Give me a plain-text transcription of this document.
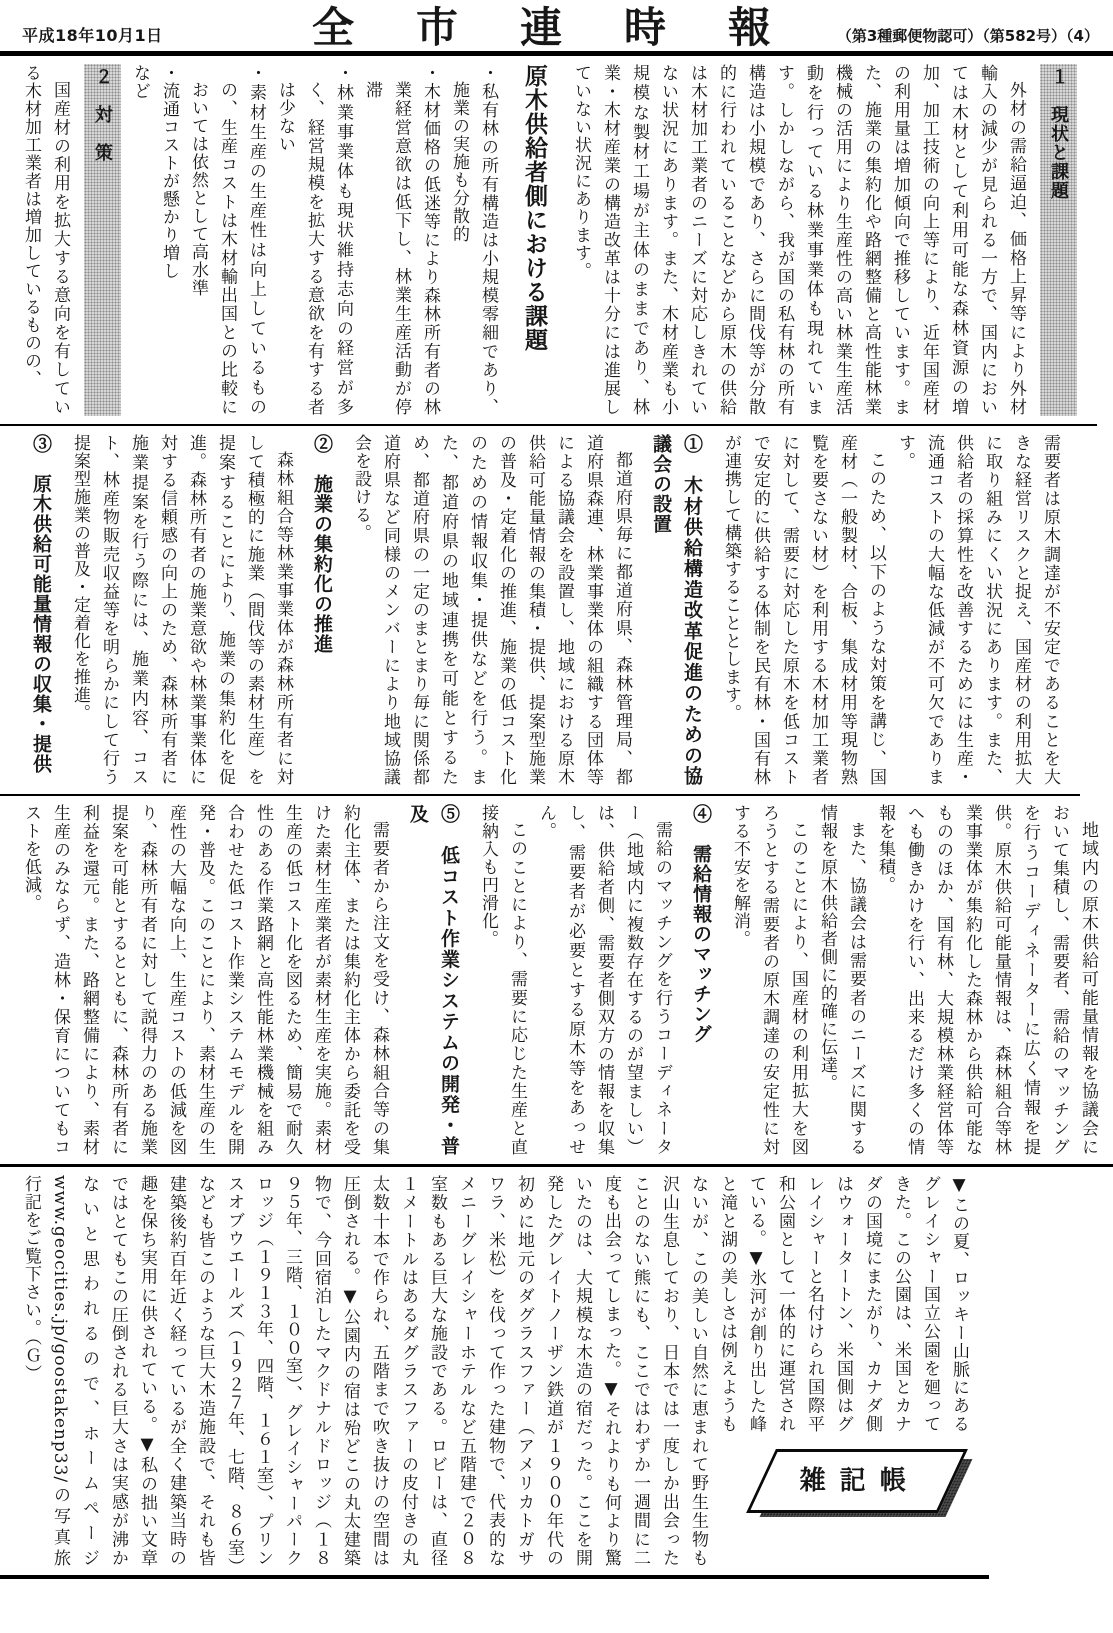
平成18年10月1日	全市連時報 （第3種郵便物認可）（第582号）（4）

１　現状と課題

外材の需給逼迫、価格上昇等により外材輸入の減少が見られる一方で、国内においては木材として利用可能な森林資源の増加、加工技術の向上等により、近年国産材の利用量は増加傾向で推移しています。また、施業の集約化や路網整備と高性能林業機械の活用により生産性の高い林業生産活動を行っている林業事業体も現れています。しかしながら、我が国の私有林の所有構造は小規模であり、さらに間伐等が分散的に行われていることなどから原木の供給は木材加工業者のニーズに対応しきれていない状況にあります。また、木材産業も小規模な製材工場が主体のままであり、林業・木材産業の構造改革は十分には進展していない状況にあります。

原木供給者側における課題

・私有林の所有構造は小規模零細であり、施業の実施も分散的

・木材価格の低迷等により森林所有者の林業経営意欲は低下し、林業生産活動が停滞

・林業事業体も現状維持志向の経営が多く、経営規模を拡大する意欲を有する者は少ない

・素材生産の生産性は向上しているものの、生産コストは木材輸出国との比較においては依然として高水準

・流通コストが懸かり増し

など

２　対　策

国産材の利用を拡大する意向を有している木材加工業者は増加しているものの、

需要者は原木調達が不安定であることを大きな経営リスクと捉え、国産材の利用拡大に取り組みにくい状況にあります。また、供給者の採算性を改善するためには生産・流通コストの大幅な低減が不可欠であります。

このため、以下のような対策を講じ、国産材（一般製材、合板、集成材用等現物熟覧を要さない材）を利用する木材加工業者に対して、需要に対応した原木を低コストで安定的に供給する体制を民有林・国有林が連携して構築することとします。

①　木材供給構造改革促進のための協議会の設置

都道府県毎に都道府県、森林管理局、都道府県森連、林業事業体の組織する団体等による協議会を設置し、地域における原木供給可能量情報の集積・提供、提案型施業の普及・定着化の推進、施業の低コスト化のための情報収集・提供などを行う。また、都道府県の地域連携を可能とするため、都道府県の一定のまとまり毎に関係都道府県など同様のメンバーにより地域協議会を設ける。

②　施業の集約化の推進

森林組合等林業事業体が森林所有者に対して積極的に施業（間伐等の素材生産）を提案することにより、施業の集約化を促進。森林所有者の施業意欲や林業事業体に対する信頼感の向上のため、森林所有者に施業提案を行う際には、施業内容、コスト、林産物販売収益等を明らかにして行う提案型施業の普及・定着化を推進。

③　原木供給可能量情報の収集・提供

地域内の原木供給可能量情報を協議会において集積し、需要者、需給のマッチングを行うコーディネーターに広く情報を提供。原木供給可能量情報は、森林組合等林業事業体が集約化した森林から供給可能なもののほか、国有林、大規模林業経営体等へも働きかけを行い、出来るだけ多くの情報を集積。

また、協議会は需要者のニーズに関する情報を原木供給者側に的確に伝達。

このことにより、国産材の利用拡大を図ろうとする需要者の原木調達の安定性に対する不安を解消。

④　需給情報のマッチング

需給のマッチングを行うコーディネーター（地域内に複数存在するのが望ましい）は、供給者側、需要者側双方の情報を収集し、需要者が必要とする原木等をあっせん。

このことにより、需要に応じた生産と直接納入も円滑化。

⑤　低コスト作業システムの開発・普及

需要者から注文を受け、森林組合等の集約化主体、または集約化主体から委託を受けた素材生産業者が素材生産を実施。素材生産の低コスト化を図るため、簡易で耐久性のある作業路網と高性能林業機械を組み合わせた低コスト作業システムモデルを開発・普及。このことにより、素材生産の生産性の大幅な向上、生産コストの低減を図り、森林所有者に対して説得力のある施業提案を可能とするとともに、森林所有者に利益を還元。また、路網整備により、素材生産のみならず、造林・保育についてもコストを低減。

雑記帳

▼この夏、ロッキー山脈にあるグレイシャー国立公園を廻ってきた。この公園は、米国とカナダの国境にまたがり、カナダ側はウォータートン、米国側はグレイシャーと名付けられ国際平和公園として一体的に運営されている。▼氷河が創り出した峰と滝と湖の美しさは例えようもないが、この美しい自然に恵まれて野生生物も沢山生息しており、日本では一度しか出会ったことのない熊にも、ここではわずか一週間に二度も出会ってしまった。▼それよりも何より驚いたのは、大規模な木造の宿だった。ここを開発したグレイトノーザン鉄道が１９００年代の初めに地元のダグラスファー（アメリカトガサワラ、米松）を伐って作った建物で、代表的なメニーグレイシャーホテルなど五階建で２０８室数もある巨大な施設である。ロビーは、直径１メートルはあるダグラスファーの皮付きの丸太数十本で作られ、五階まで吹き抜けの空間は圧倒される。▼公園内の宿は殆どこの丸太建築物で、今回宿泊したマクドナルドロッジ（１８９５年、三階、１００室）、グレイシャーパークロッジ（１９１３年、四階、１６１室）、プリンスオブウエールズ（１９２７年、七階、８６室）なども皆このような巨大木造施設で、それも皆建築後約百年近く経っているが全く建築当時の趣を保ち実用に供されている。▼私の拙い文章ではとてもこの圧倒される巨大さは実感が沸かないと思われるので、ホームページwww.geocities.jp/goostakenp33/の写真旅行記をご覧下さい。（Ｇ）
